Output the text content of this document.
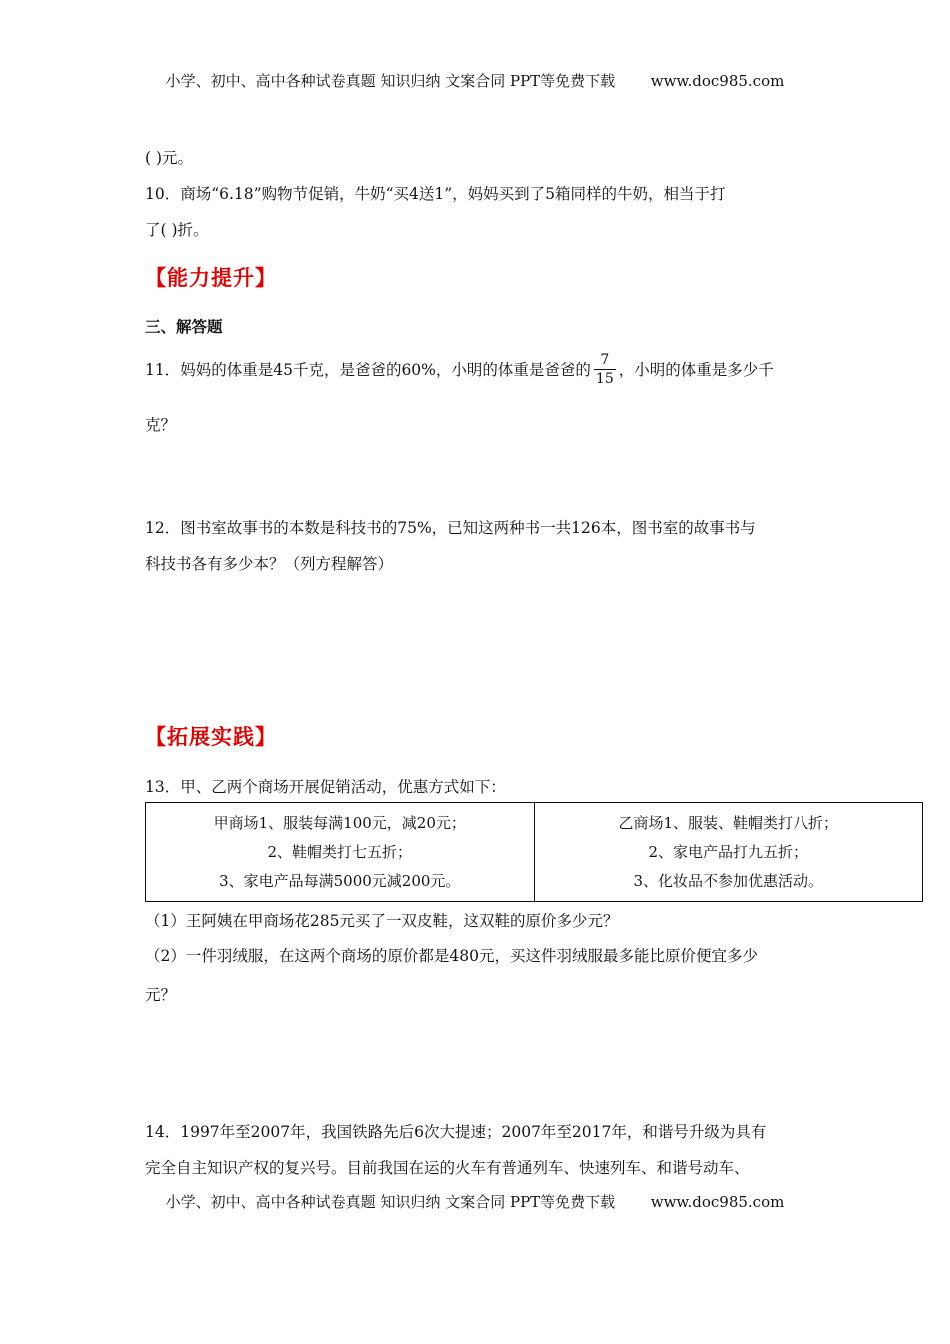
小学、初中、高中各种试卷真题 知识归纳 文案合同 PPT等免费下载 www.doc985.com
( )元。
10．商场“6.18”购物节促销，牛奶“买4送1”，妈妈买到了5箱同样的牛奶，相当于打
了( )折。
【能力提升】
三、解答题
11．妈妈的体重是45千克，是爸爸的60%，小明的体重是爸爸的 $\frac{7}{15}$ ，小明的体重是多少千
克？
12．图书室故事书的本数是科技书的75%，已知这两种书一共126本，图书室的故事书与
科技书各有多少本？（列方程解答）
【拓展实践】
13．甲、乙两个商场开展促销活动，优惠方式如下：
甲商场1、服装每满100元，减20元；
2、鞋帽类打七五折；
3、家电产品每满5000元减200元。

乙商场1、服装、鞋帽类打八折；
2、家电产品打九五折；
3、化妆品不参加优惠活动。
（1）王阿姨在甲商场花285元买了一双皮鞋，这双鞋的原价多少元？
（2）一件羽绒服，在这两个商场的原价都是480元，买这件羽绒服最多能比原价便宜多少
元？
14．1997年至2007年，我国铁路先后6次大提速；2007年至2017年，和谐号升级为具有
完全自主知识产权的复兴号。目前我国在运的火车有普通列车、快速列车、和谐号动车、
小学、初中、高中各种试卷真题 知识归纳 文案合同 PPT等免费下载 www.doc985.com
